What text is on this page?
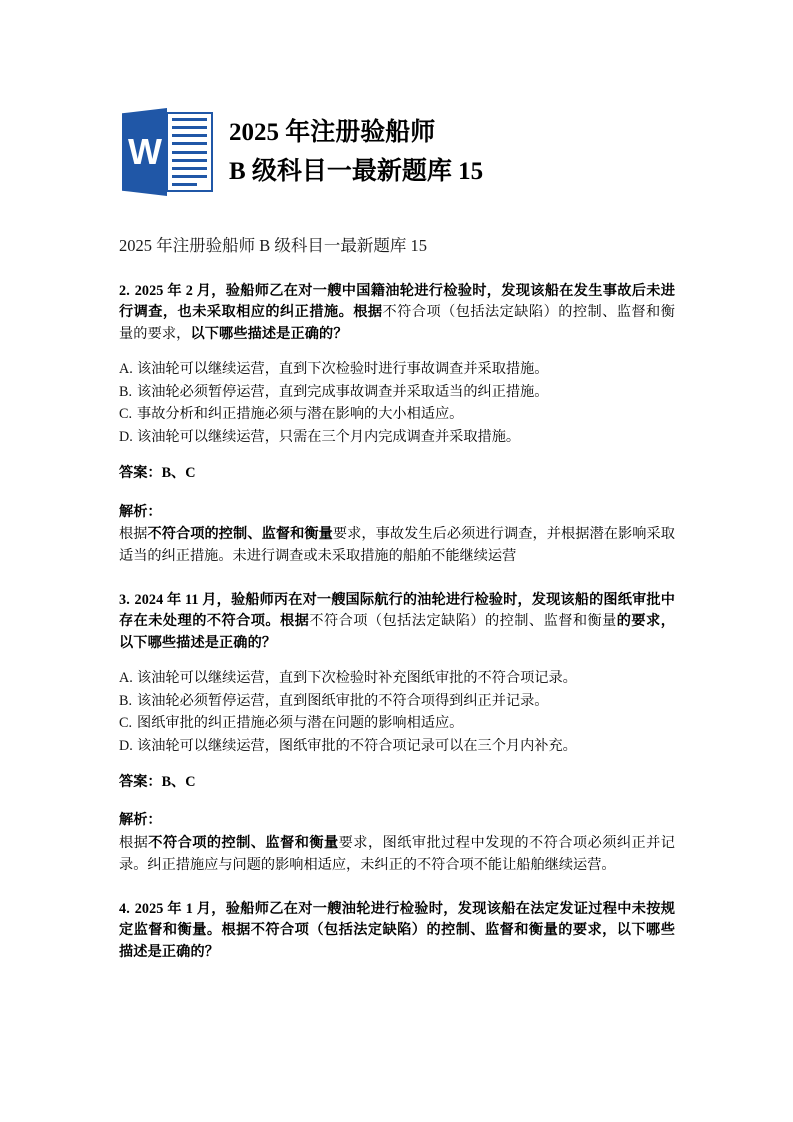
W	2025 年注册验船师
B 级科目一最新题库 15
2025 年注册验船师 B 级科目一最新题库 15
2. 2025 年 2 月，验船师乙在对一艘中国籍油轮进行检验时，发现该船在发生事故后未进行调查，也未采取相应的纠正措施。根据不符合项（包括法定缺陷）的控制、监督和衡量的要求，以下哪些描述是正确的？
A. 该油轮可以继续运营，直到下次检验时进行事故调查并采取措施。
B. 该油轮必须暂停运营，直到完成事故调查并采取适当的纠正措施。
C. 事故分析和纠正措施必须与潜在影响的大小相适应。
D. 该油轮可以继续运营，只需在三个月内完成调查并采取措施。
答案：B、C
解析：
根据不符合项的控制、监督和衡量要求，事故发生后必须进行调查，并根据潜在影响采取适当的纠正措施。未进行调查或未采取措施的船舶不能继续运营
3. 2024 年 11 月，验船师丙在对一艘国际航行的油轮进行检验时，发现该船的图纸审批中存在未处理的不符合项。根据不符合项（包括法定缺陷）的控制、监督和衡量的要求，以下哪些描述是正确的？
A. 该油轮可以继续运营，直到下次检验时补充图纸审批的不符合项记录。
B. 该油轮必须暂停运营，直到图纸审批的不符合项得到纠正并记录。
C. 图纸审批的纠正措施必须与潜在问题的影响相适应。
D. 该油轮可以继续运营，图纸审批的不符合项记录可以在三个月内补充。
答案：B、C
解析：
根据不符合项的控制、监督和衡量要求，图纸审批过程中发现的不符合项必须纠正并记录。纠正措施应与问题的影响相适应，未纠正的不符合项不能让船舶继续运营。
4. 2025 年 1 月，验船师乙在对一艘油轮进行检验时，发现该船在法定发证过程中未按规定监督和衡量。根据不符合项（包括法定缺陷）的控制、监督和衡量的要求，以下哪些描述是正确的？
